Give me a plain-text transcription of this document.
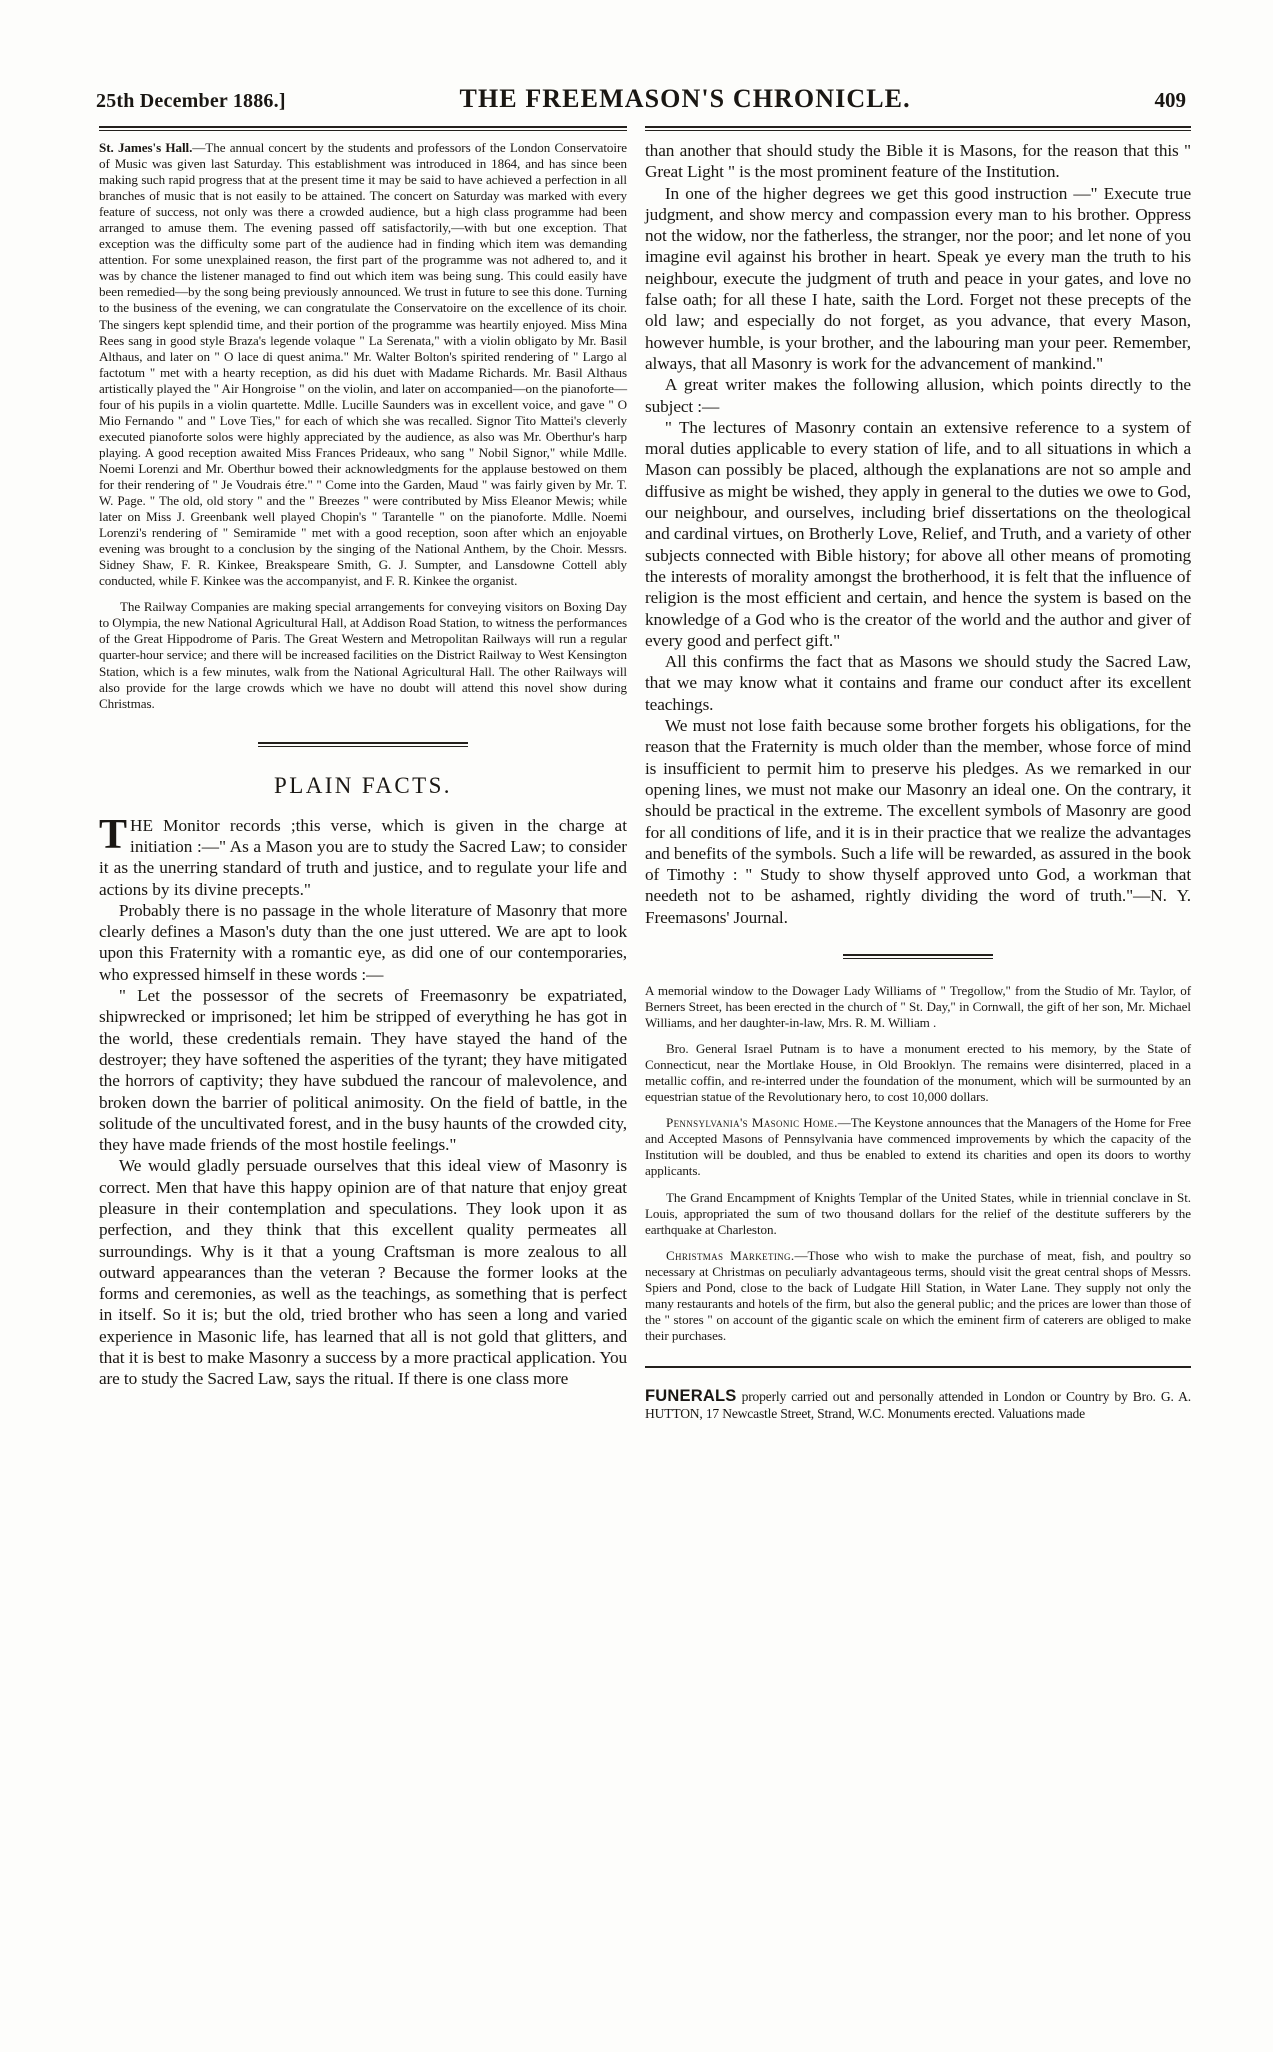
25th December 1886.]	THE FREEMASON'S CHRONICLE.	409

St. James's Hall.—The annual concert by the students and professors of the London Conservatoire of Music was given last Saturday. This establishment was introduced in 1864, and has since been making such rapid progress that at the present time it may be said to have achieved a perfection in all branches of music that is not easily to be attained. The concert on Saturday was marked with every feature of success, not only was there a crowded audience, but a high class programme had been arranged to amuse them. The evening passed off satisfactorily,—with but one exception. That exception was the difficulty some part of the audience had in finding which item was demanding attention. For some unexplained reason, the first part of the programme was not adhered to, and it was by chance the listener managed to find out which item was being sung. This could easily have been remedied—by the song being previously announced. We trust in future to see this done. Turning to the business of the evening, we can congratulate the Conservatoire on the excellence of its choir. The singers kept splendid time, and their portion of the programme was heartily enjoyed. Miss Mina Rees sang in good style Braza's legende volaque " La Serenata," with a violin obligato by Mr. Basil Althaus, and later on " O lace di quest anima." Mr. Walter Bolton's spirited rendering of " Largo al factotum " met with a hearty reception, as did his duet with Madame Richards. Mr. Basil Althaus artistically played the " Air Hongroise " on the violin, and later on accompanied—on the pianoforte—four of his pupils in a violin quartette. Mdlle. Lucille Saunders was in excellent voice, and gave " O Mio Fernando " and " Love Ties," for each of which she was recalled. Signor Tito Mattei's cleverly executed pianoforte solos were highly appreciated by the audience, as also was Mr. Oberthur's harp playing. A good reception awaited Miss Frances Prideaux, who sang " Nobil Signor," while Mdlle. Noemi Lorenzi and Mr. Oberthur bowed their acknowledgments for the applause bestowed on them for their rendering of " Je Voudrais étre." " Come into the Garden, Maud " was fairly given by Mr. T. W. Page. " The old, old story " and the " Breezes " were contributed by Miss Eleanor Mewis; while later on Miss J. Greenbank well played Chopin's " Tarantelle " on the pianoforte. Mdlle. Noemi Lorenzi's rendering of " Semiramide " met with a good reception, soon after which an enjoyable evening was brought to a conclusion by the singing of the National Anthem, by the Choir. Messrs. Sidney Shaw, F. R. Kinkee, Breakspeare Smith, G. J. Sumpter, and Lansdowne Cottell ably conducted, while F. Kinkee was the accompanyist, and F. R. Kinkee the organist.

The Railway Companies are making special arrangements for conveying visitors on Boxing Day to Olympia, the new National Agricultural Hall, at Addison Road Station, to witness the performances of the Great Hippodrome of Paris. The Great Western and Metropolitan Railways will run a regular quarter-hour service; and there will be increased facilities on the District Railway to West Kensington Station, which is a few minutes, walk from the National Agricultural Hall. The other Railways will also provide for the large crowds which we have no doubt will attend this novel show during Christmas.

PLAIN FACTS.

THE Monitor records ;this verse, which is given in the charge at initiation :—" As a Mason you are to study the Sacred Law; to consider it as the unerring standard of truth and justice, and to regulate your life and actions by its divine precepts."

Probably there is no passage in the whole literature of Masonry that more clearly defines a Mason's duty than the one just uttered. We are apt to look upon this Fraternity with a romantic eye, as did one of our contemporaries, who expressed himself in these words :—

" Let the possessor of the secrets of Freemasonry be expatriated, shipwrecked or imprisoned; let him be stripped of everything he has got in the world, these credentials remain. They have stayed the hand of the destroyer; they have softened the asperities of the tyrant; they have mitigated the horrors of captivity; they have subdued the rancour of malevolence, and broken down the barrier of political animosity. On the field of battle, in the solitude of the uncultivated forest, and in the busy haunts of the crowded city, they have made friends of the most hostile feelings."

We would gladly persuade ourselves that this ideal view of Masonry is correct. Men that have this happy opinion are of that nature that enjoy great pleasure in their contemplation and speculations. They look upon it as perfection, and they think that this excellent quality permeates all surroundings. Why is it that a young Craftsman is more zealous to all outward appearances than the veteran ? Because the former looks at the forms and ceremonies, as well as the teachings, as something that is perfect in itself. So it is; but the old, tried brother who has seen a long and varied experience in Masonic life, has learned that all is not gold that glitters, and that it is best to make Masonry a success by a more practical application. You are to study the Sacred Law, says the ritual. If there is one class more

than another that should study the Bible it is Masons, for the reason that this " Great Light " is the most prominent feature of the Institution.

In one of the higher degrees we get this good instruction —" Execute true judgment, and show mercy and compassion every man to his brother. Oppress not the widow, nor the fatherless, the stranger, nor the poor; and let none of you imagine evil against his brother in heart. Speak ye every man the truth to his neighbour, execute the judgment of truth and peace in your gates, and love no false oath; for all these I hate, saith the Lord. Forget not these precepts of the old law; and especially do not forget, as you advance, that every Mason, however humble, is your brother, and the labouring man your peer. Remember, always, that all Masonry is work for the advancement of mankind."

A great writer makes the following allusion, which points directly to the subject :—

" The lectures of Masonry contain an extensive reference to a system of moral duties applicable to every station of life, and to all situations in which a Mason can possibly be placed, although the explanations are not so ample and diffusive as might be wished, they apply in general to the duties we owe to God, our neighbour, and ourselves, including brief dissertations on the theological and cardinal virtues, on Brotherly Love, Relief, and Truth, and a variety of other subjects connected with Bible history; for above all other means of promoting the interests of morality amongst the brotherhood, it is felt that the influence of religion is the most efficient and certain, and hence the system is based on the knowledge of a God who is the creator of the world and the author and giver of every good and perfect gift."

All this confirms the fact that as Masons we should study the Sacred Law, that we may know what it contains and frame our conduct after its excellent teachings.

We must not lose faith because some brother forgets his obligations, for the reason that the Fraternity is much older than the member, whose force of mind is insufficient to permit him to preserve his pledges. As we remarked in our opening lines, we must not make our Masonry an ideal one. On the contrary, it should be practical in the extreme. The excellent symbols of Masonry are good for all conditions of life, and it is in their practice that we realize the advantages and benefits of the symbols. Such a life will be rewarded, as assured in the book of Timothy : " Study to show thyself approved unto God, a workman that needeth not to be ashamed, rightly dividing the word of truth."—N. Y. Freemasons' Journal.

A memorial window to the Dowager Lady Williams of " Tregollow," from the Studio of Mr. Taylor, of Berners Street, has been erected in the church of " St. Day," in Cornwall, the gift of her son, Mr. Michael Williams, and her daughter-in-law, Mrs. R. M. William .

Bro. General Israel Putnam is to have a monument erected to his memory, by the State of Connecticut, near the Mortlake House, in Old Brooklyn. The remains were disinterred, placed in a metallic coffin, and re-interred under the foundation of the monument, which will be surmounted by an equestrian statue of the Revolutionary hero, to cost 10,000 dollars.

Pennsylvania's Masonic Home.—The Keystone announces that the Managers of the Home for Free and Accepted Masons of Pennsylvania have commenced improvements by which the capacity of the Institution will be doubled, and thus be enabled to extend its charities and open its doors to worthy applicants.

The Grand Encampment of Knights Templar of the United States, while in triennial conclave in St. Louis, appropriated the sum of two thousand dollars for the relief of the destitute sufferers by the earthquake at Charleston.

Christmas Marketing.—Those who wish to make the purchase of meat, fish, and poultry so necessary at Christmas on peculiarly advantageous terms, should visit the great central shops of Messrs. Spiers and Pond, close to the back of Ludgate Hill Station, in Water Lane. They supply not only the many restaurants and hotels of the firm, but also the general public; and the prices are lower than those of the " stores " on account of the gigantic scale on which the eminent firm of caterers are obliged to make their purchases.

FUNERALS properly carried out and personally attended in London or Country by Bro. G. A. HUTTON, 17 Newcastle Street, Strand, W.C. Monuments erected. Valuations made
